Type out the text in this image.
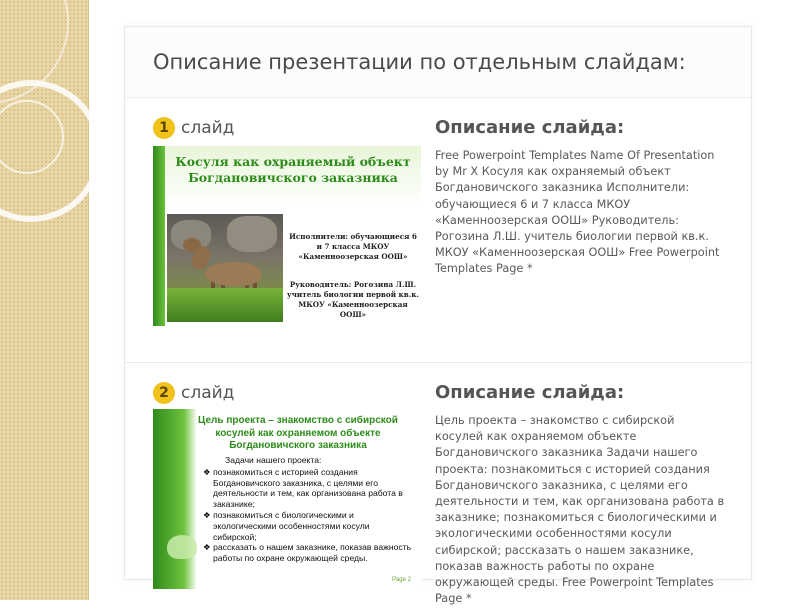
Описание презентации по отдельным слайдам:
1 слайд
Косуля как охраняемый объект Богдановичского заказника
Исполнители: обучающиеся 6 и 7 класса МКОУ «Каменноозерская ООШ»
Руководитель: Рогозина Л.Ш. учитель биологии первой кв.к. МКОУ «Каменноозерская ООШ»
Описание слайда:

Free Powerpoint Templates Name Of Presentation by Mr X Косуля как охраняемый объект Богдановичского заказника Исполнители: обучающиеся 6 и 7 класса МКОУ «Каменноозерская ООШ» Руководитель: Рогозина Л.Ш. учитель биологии первой кв.к. МКОУ «Каменноозерская ООШ» Free Powerpoint Templates Page *

2 слайд
Цель проекта – знакомство с сибирской косулей как охраняемом объекте Богдановичского заказника
Задачи нашего проекта:
❖ познакомиться с историей создания Богдановичского заказника, с целями его деятельности и тем, как организована работа в заказнике;
❖ познакомиться с биологическими и экологическими особенностями косули сибирской;
❖ рассказать о нашем заказнике, показав важность работы по охране окружающей среды.
Page 2
Описание слайда:

Цель проекта – знакомство с сибирской косулей как охраняемом объекте Богдановичского заказника Задачи нашего проекта: познакомиться с историей создания Богдановичского заказника, с целями его деятельности и тем, как организована работа в заказнике; познакомиться с биологическими и экологическими особенностями косули сибирской; рассказать о нашем заказнике, показав важность работы по охране окружающей среды. Free Powerpoint Templates Page *
